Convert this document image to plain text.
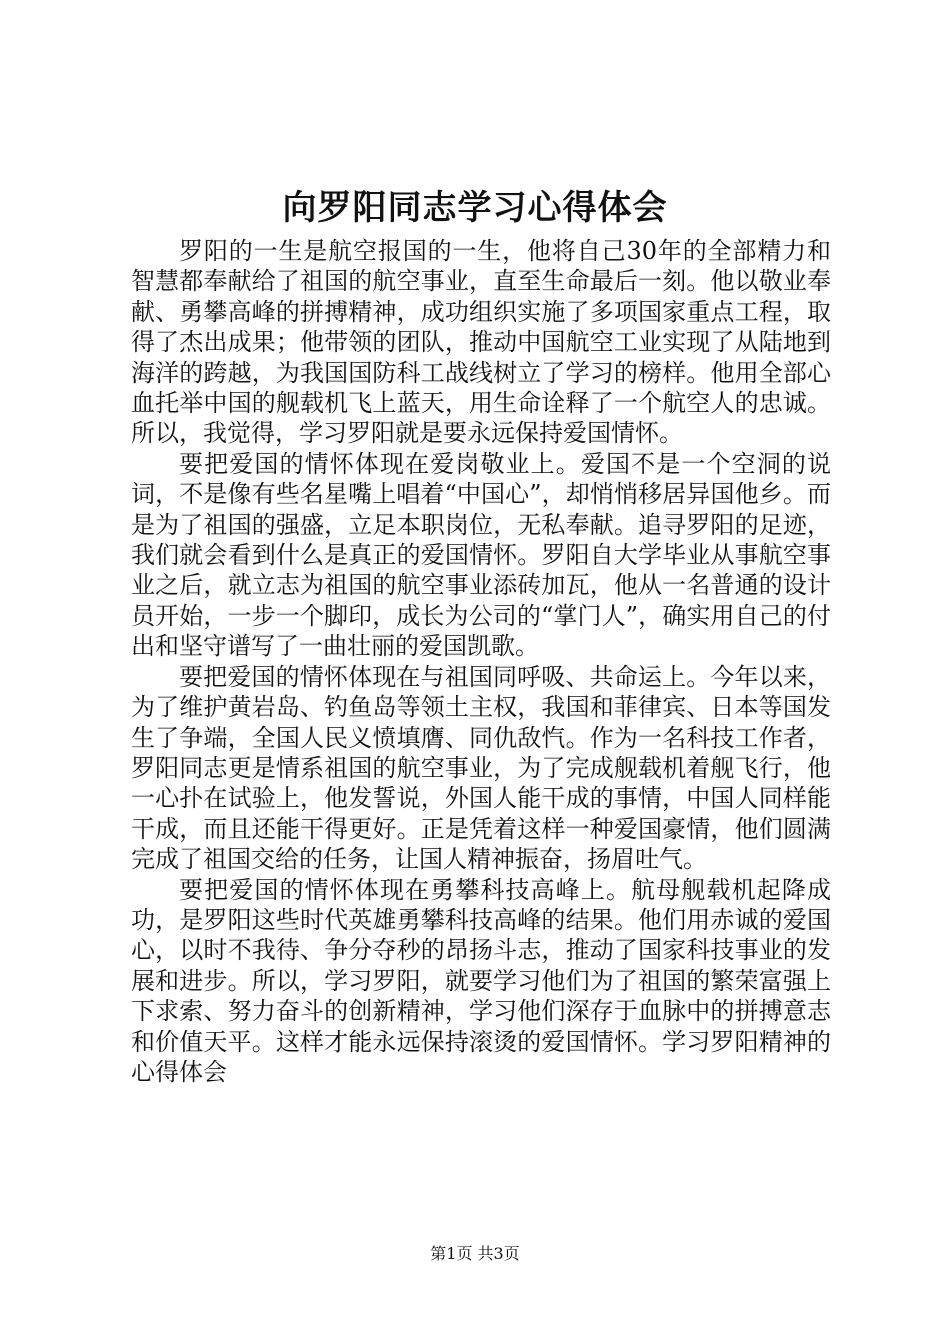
向罗阳同志学习心得体会

罗阳的一生是航空报国的一生，他将自己30年的全部精力和智慧都奉献给了祖国的航空事业，直至生命最后一刻。他以敬业奉献、勇攀高峰的拼搏精神，成功组织实施了多项国家重点工程，取得了杰出成果；他带领的团队，推动中国航空工业实现了从陆地到海洋的跨越，为我国国防科工战线树立了学习的榜样。他用全部心血托举中国的舰载机飞上蓝天，用生命诠释了一个航空人的忠诚。所以，我觉得，学习罗阳就是要永远保持爱国情怀。

要把爱国的情怀体现在爱岗敬业上。爱国不是一个空洞的说词，不是像有些名星嘴上唱着“中国心”，却悄悄移居异国他乡。而是为了祖国的强盛，立足本职岗位，无私奉献。追寻罗阳的足迹，我们就会看到什么是真正的爱国情怀。罗阳自大学毕业从事航空事业之后，就立志为祖国的航空事业添砖加瓦，他从一名普通的设计员开始，一步一个脚印，成长为公司的“掌门人”，确实用自己的付出和坚守谱写了一曲壮丽的爱国凯歌。

要把爱国的情怀体现在与祖国同呼吸、共命运上。今年以来，为了维护黄岩岛、钓鱼岛等领土主权，我国和菲律宾、日本等国发生了争端，全国人民义愤填膺、同仇敌忾。作为一名科技工作者，罗阳同志更是情系祖国的航空事业，为了完成舰载机着舰飞行，他一心扑在试验上，他发誓说，外国人能干成的事情，中国人同样能干成，而且还能干得更好。正是凭着这样一种爱国豪情，他们圆满完成了祖国交给的任务，让国人精神振奋，扬眉吐气。

要把爱国的情怀体现在勇攀科技高峰上。航母舰载机起降成功，是罗阳这些时代英雄勇攀科技高峰的结果。他们用赤诚的爱国心，以时不我待、争分夺秒的昂扬斗志，推动了国家科技事业的发展和进步。所以，学习罗阳，就要学习他们为了祖国的繁荣富强上下求索、努力奋斗的创新精神，学习他们深存于血脉中的拼搏意志和价值天平。这样才能永远保持滚烫的爱国情怀。学习罗阳精神的心得体会

第1页 共3页
